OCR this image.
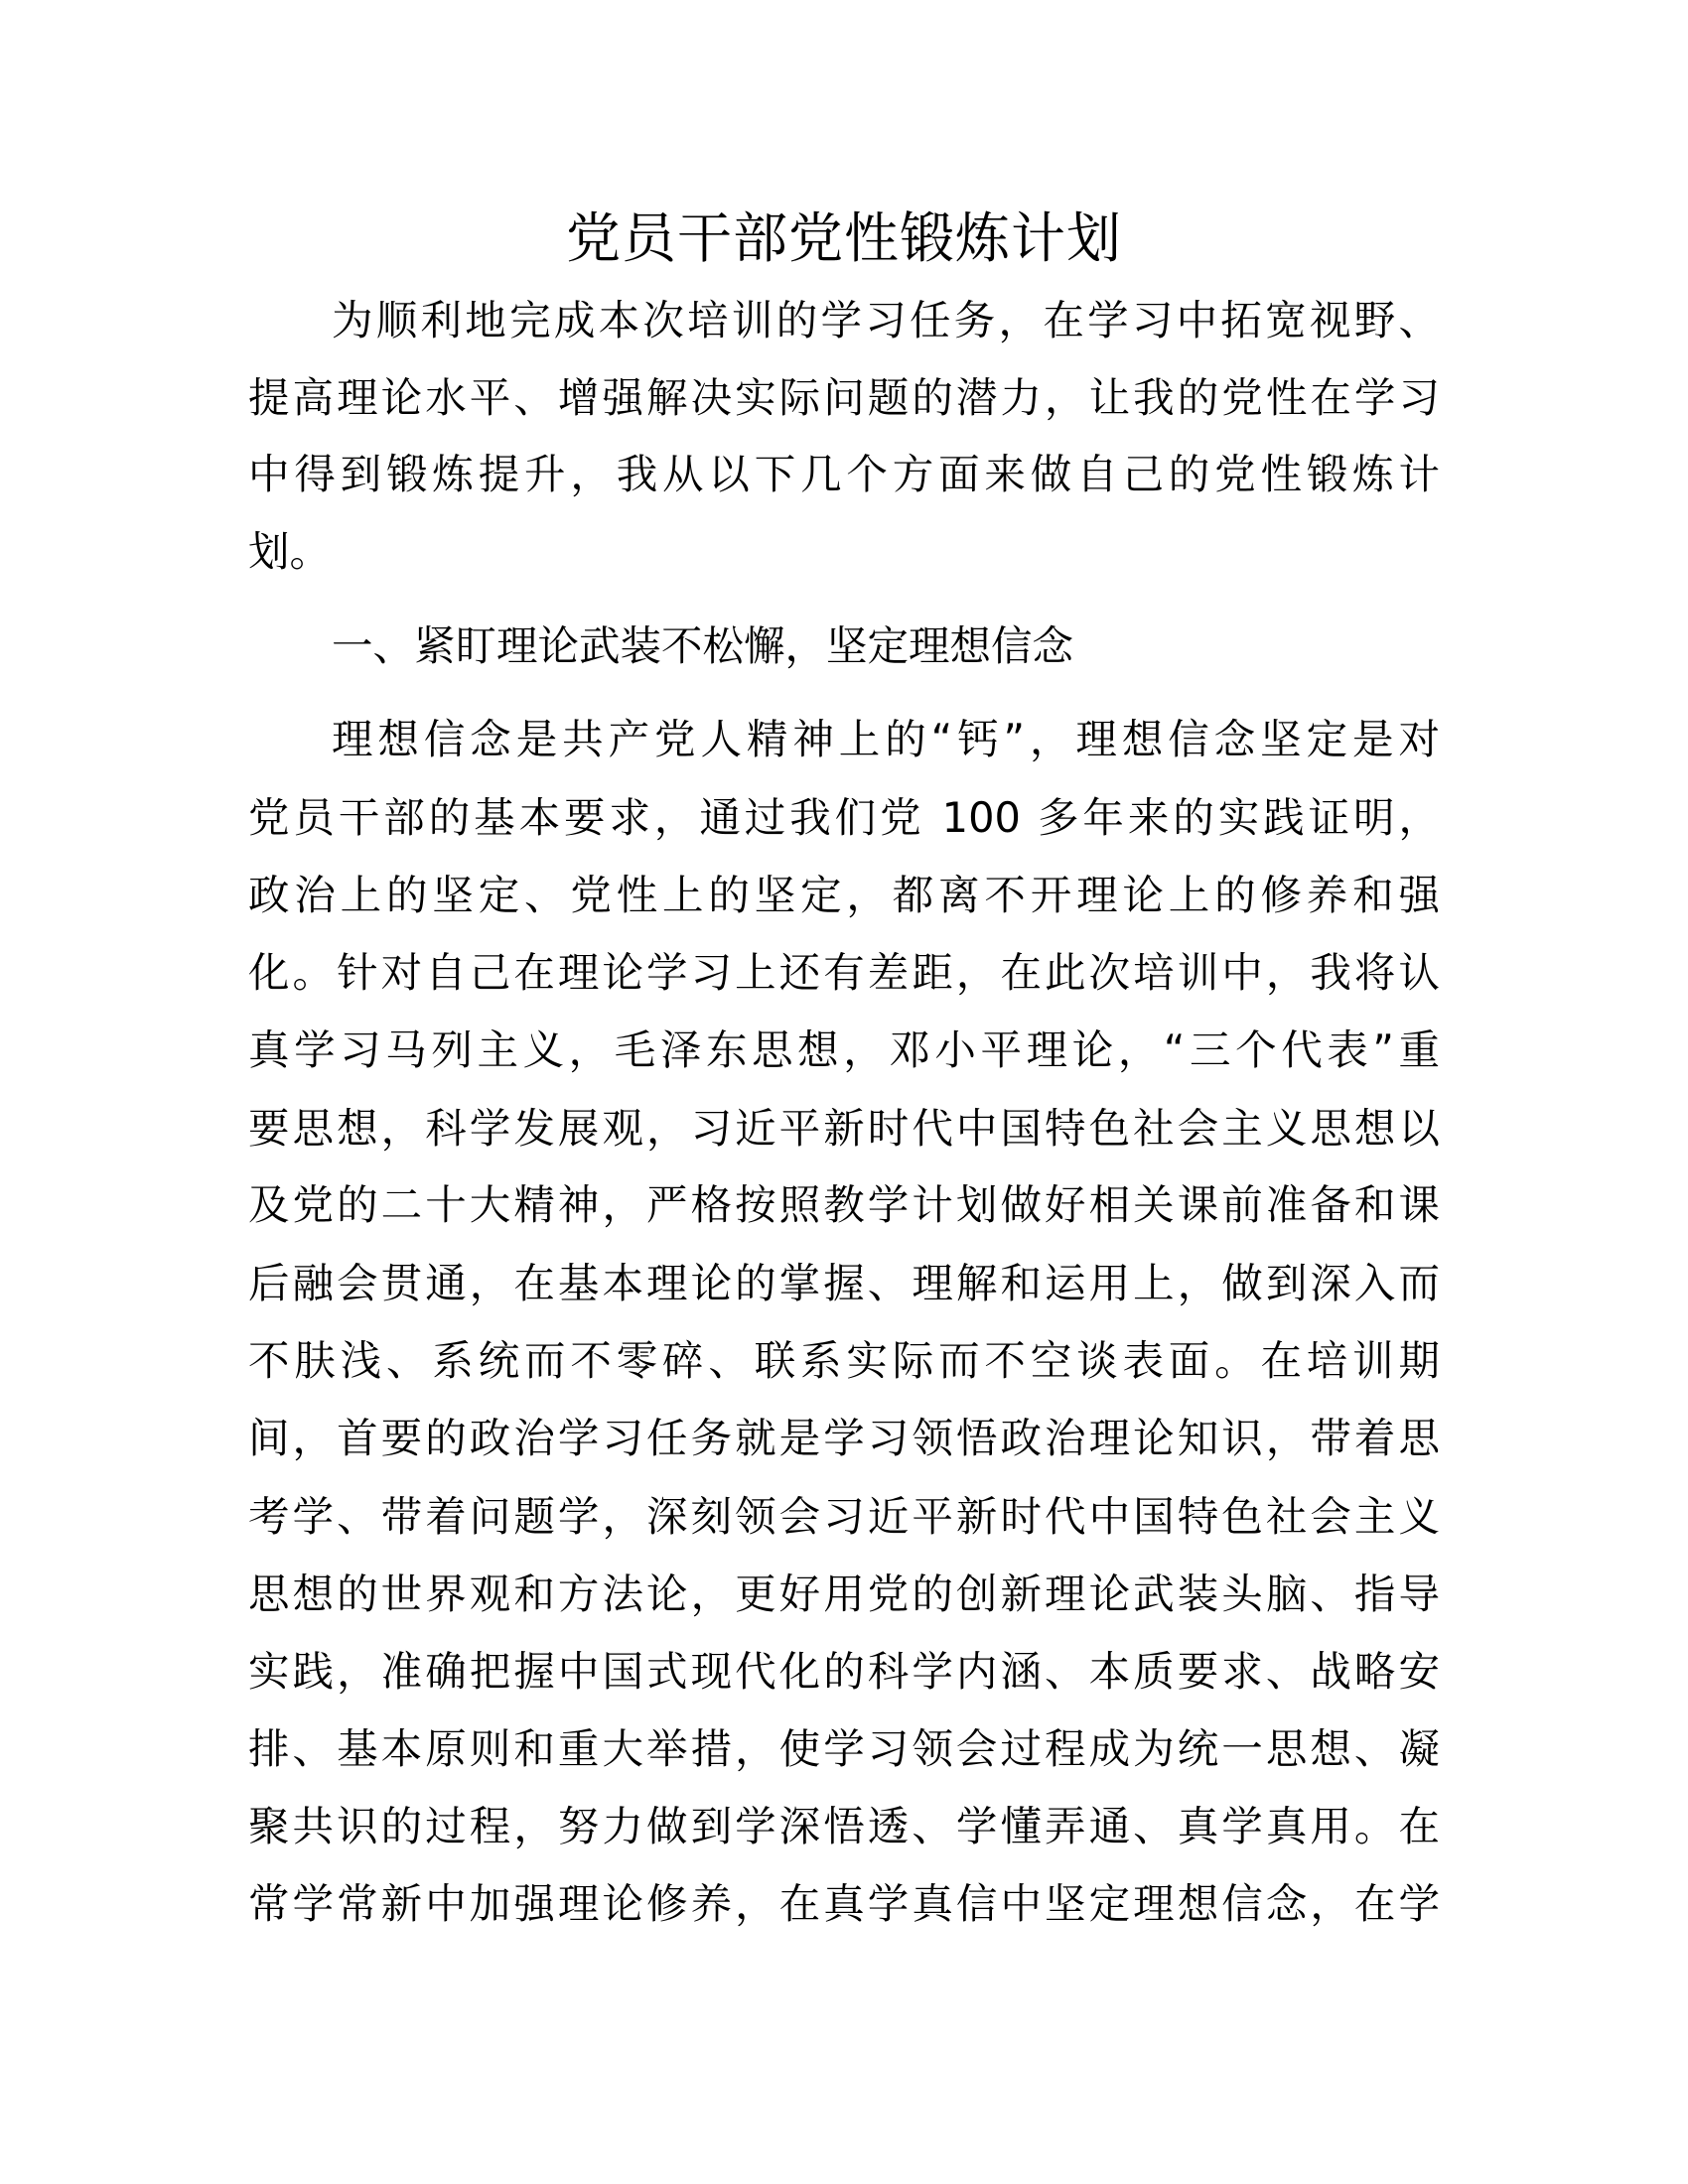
党员干部党性锻炼计划
为顺利地完成本次培训的学习任务，在学习中拓宽视野、
提高理论水平、增强解决实际问题的潜力，让我的党性在学习
中得到锻炼提升，我从以下几个方面来做自己的党性锻炼计
划。
一、紧盯理论武装不松懈，坚定理想信念
理想信念是共产党人精神上的“钙”，理想信念坚定是对
党员干部的基本要求，通过我们党 100 多年来的实践证明，
政治上的坚定、党性上的坚定，都离不开理论上的修养和强
化。针对自己在理论学习上还有差距，在此次培训中，我将认
真学习马列主义，毛泽东思想，邓小平理论，“三个代表”重
要思想，科学发展观，习近平新时代中国特色社会主义思想以
及党的二十大精神，严格按照教学计划做好相关课前准备和课
后融会贯通，在基本理论的掌握、理解和运用上，做到深入而
不肤浅、系统而不零碎、联系实际而不空谈表面。在培训期
间，首要的政治学习任务就是学习领悟政治理论知识，带着思
考学、带着问题学，深刻领会习近平新时代中国特色社会主义
思想的世界观和方法论，更好用党的创新理论武装头脑、指导
实践，准确把握中国式现代化的科学内涵、本质要求、战略安
排、基本原则和重大举措，使学习领会过程成为统一思想、凝
聚共识的过程，努力做到学深悟透、学懂弄通、真学真用。在
常学常新中加强理论修养，在真学真信中坚定理想信念，在学
